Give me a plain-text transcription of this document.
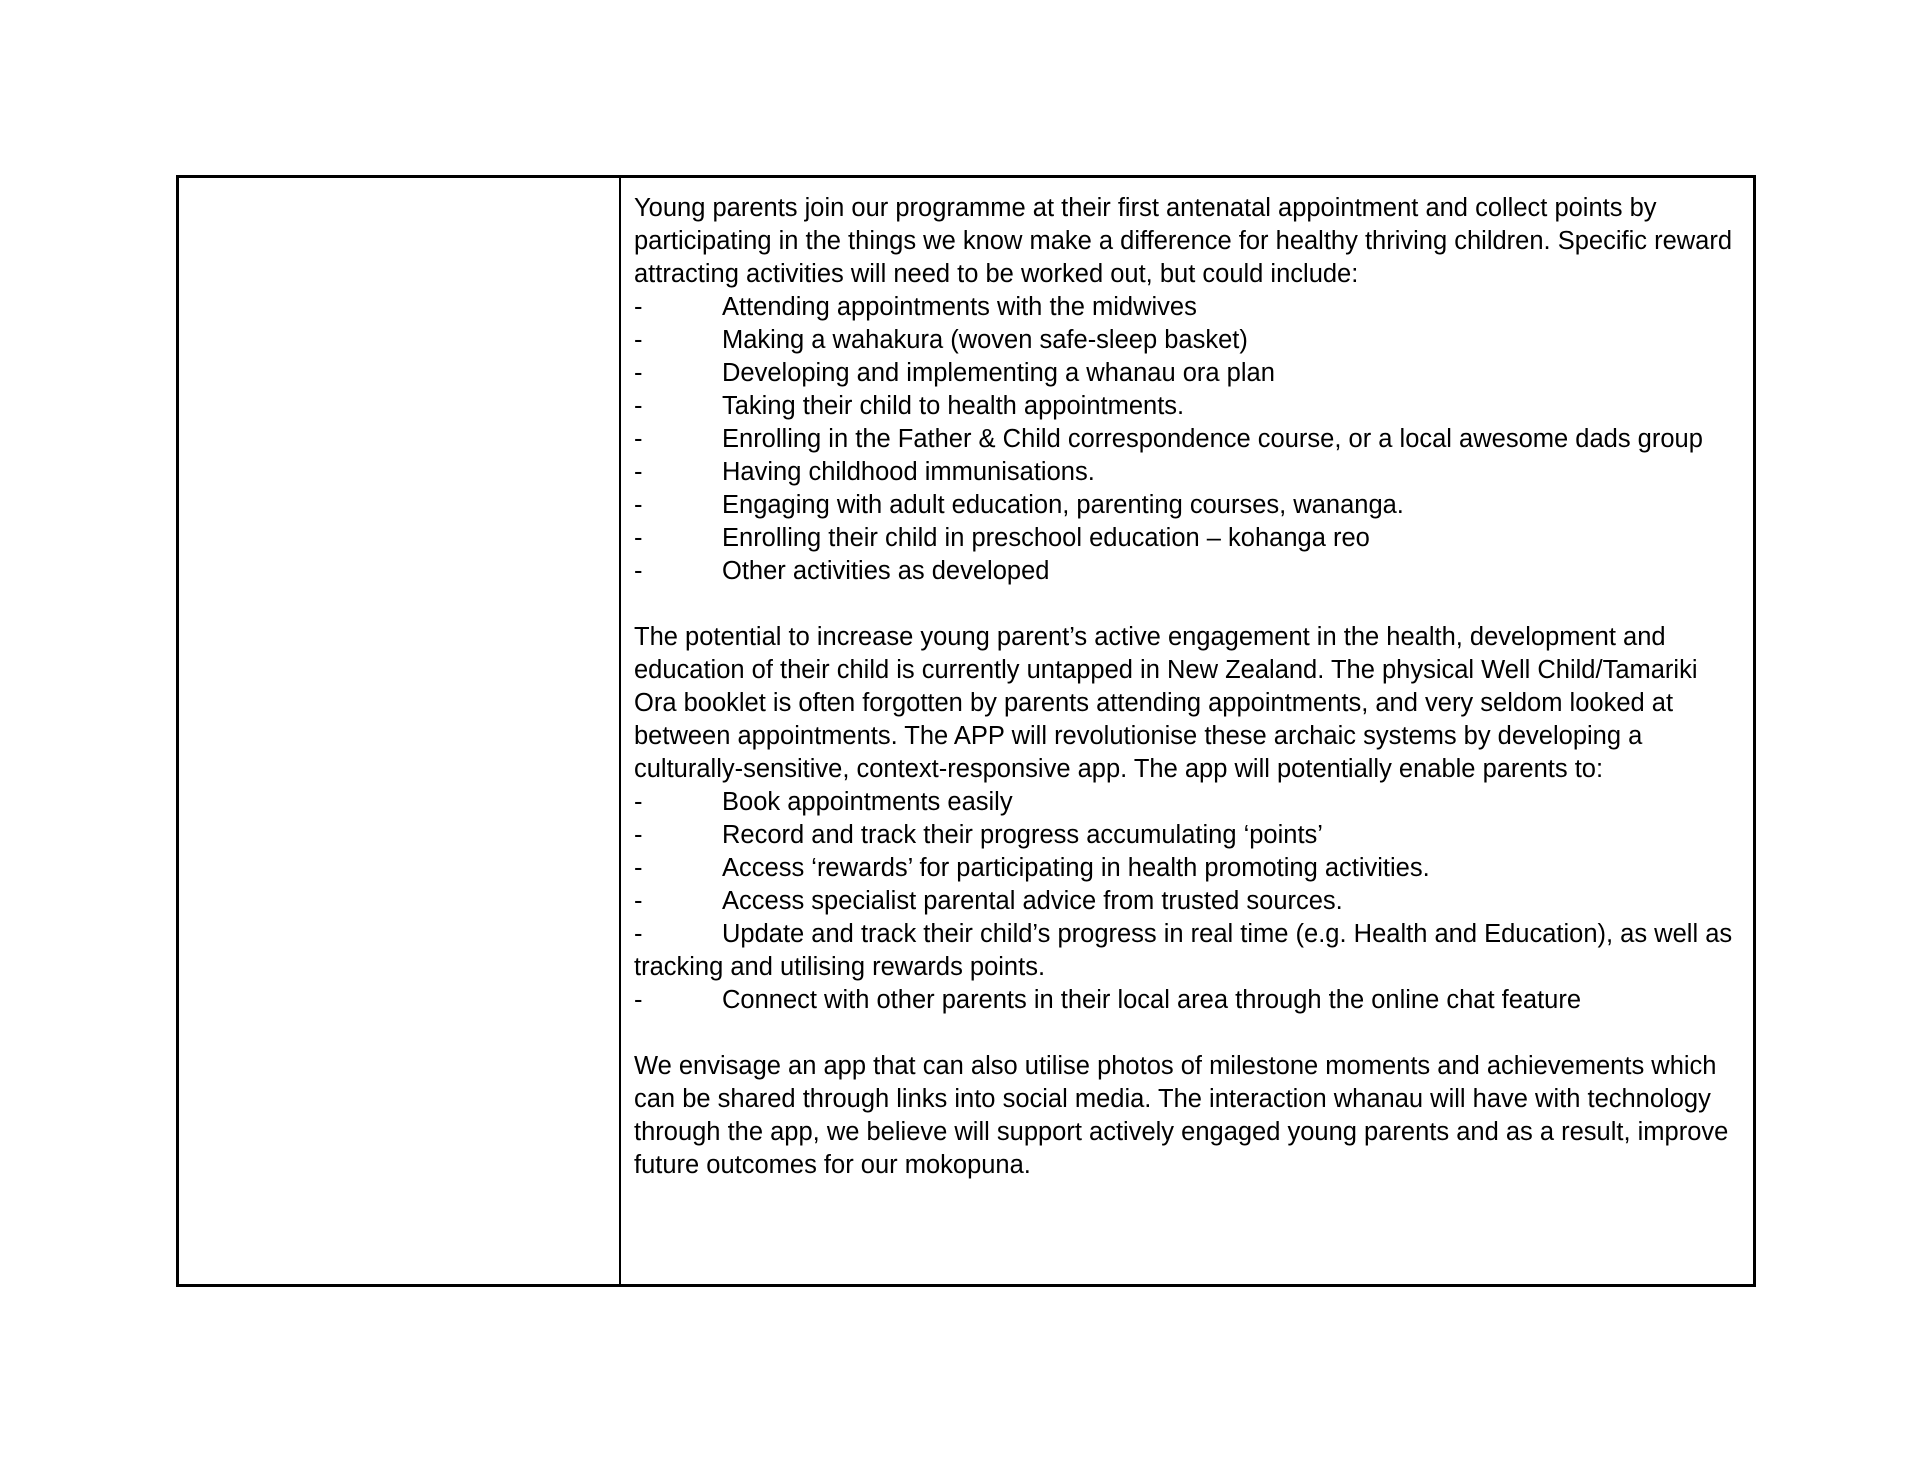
Young parents join our programme at their first antenatal appointment and collect points by participating in the things we know make a difference for healthy thriving children. Specific reward attracting activities will need to be worked out, but could include:

-	Attending appointments with the midwives

-	Making a wahakura (woven safe-sleep basket)

-	Developing and implementing a whanau ora plan

-	Taking their child to health appointments.

-	Enrolling in the Father & Child correspondence course, or a local awesome dads group

-	Having childhood immunisations.

-	Engaging with adult education, parenting courses, wananga.

-	Enrolling their child in preschool education – kohanga reo

-	Other activities as developed

The potential to increase young parent’s active engagement in the health, development and education of their child is currently untapped in New Zealand. The physical Well Child/Tamariki Ora booklet is often forgotten by parents attending appointments, and very seldom looked at between appointments. The APP will revolutionise these archaic systems by developing a culturally-sensitive, context-responsive app. The app will potentially enable parents to:

-	Book appointments easily

-	Record and track their progress accumulating ‘points’

-	Access ‘rewards’ for participating in health promoting activities.

-	Access specialist parental advice from trusted sources.

-	Update and track their child’s progress in real time (e.g. Health and Education), as well as tracking and utilising rewards points.

-	Connect with other parents in their local area through the online chat feature

We envisage an app that can also utilise photos of milestone moments and achievements which can be shared through links into social media. The interaction whanau will have with technology through the app, we believe will support actively engaged young parents and as a result, improve future outcomes for our mokopuna.
